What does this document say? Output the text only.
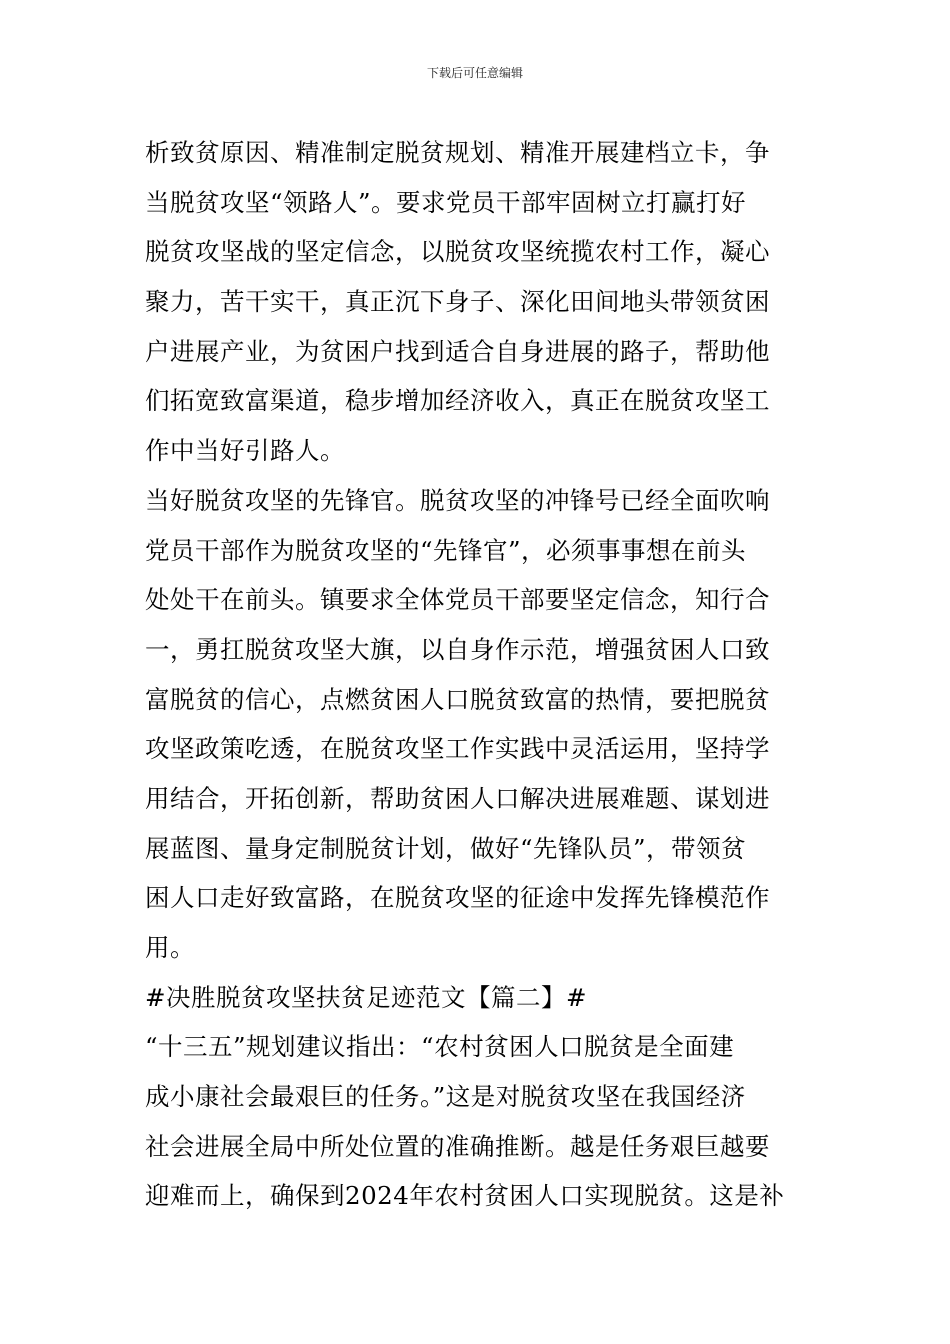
下载后可任意编辑
析致贫原因、精准制定脱贫规划、精准开展建档立卡，争
当脱贫攻坚“领路人”。要求党员干部牢固树立打赢打好
脱贫攻坚战的坚定信念，以脱贫攻坚统揽农村工作，凝心
聚力，苦干实干，真正沉下身子、深化田间地头带领贫困
户进展产业，为贫困户找到适合自身进展的路子，帮助他
们拓宽致富渠道，稳步增加经济收入，真正在脱贫攻坚工
作中当好引路人。
当好脱贫攻坚的先锋官。脱贫攻坚的冲锋号已经全面吹响
党员干部作为脱贫攻坚的“先锋官”，必须事事想在前头
处处干在前头。镇要求全体党员干部要坚定信念，知行合
一，勇扛脱贫攻坚大旗，以自身作示范，增强贫困人口致
富脱贫的信心，点燃贫困人口脱贫致富的热情，要把脱贫
攻坚政策吃透，在脱贫攻坚工作实践中灵活运用，坚持学
用结合，开拓创新，帮助贫困人口解决进展难题、谋划进
展蓝图、量身定制脱贫计划，做好“先锋队员”，带领贫
困人口走好致富路，在脱贫攻坚的征途中发挥先锋模范作
用。
#决胜脱贫攻坚扶贫足迹范文【篇二】#
“十三五”规划建议指出：“农村贫困人口脱贫是全面建
成小康社会最艰巨的任务。”这是对脱贫攻坚在我国经济
社会进展全局中所处位置的准确推断。越是任务艰巨越要
迎难而上，确保到2024年农村贫困人口实现脱贫。这是补
